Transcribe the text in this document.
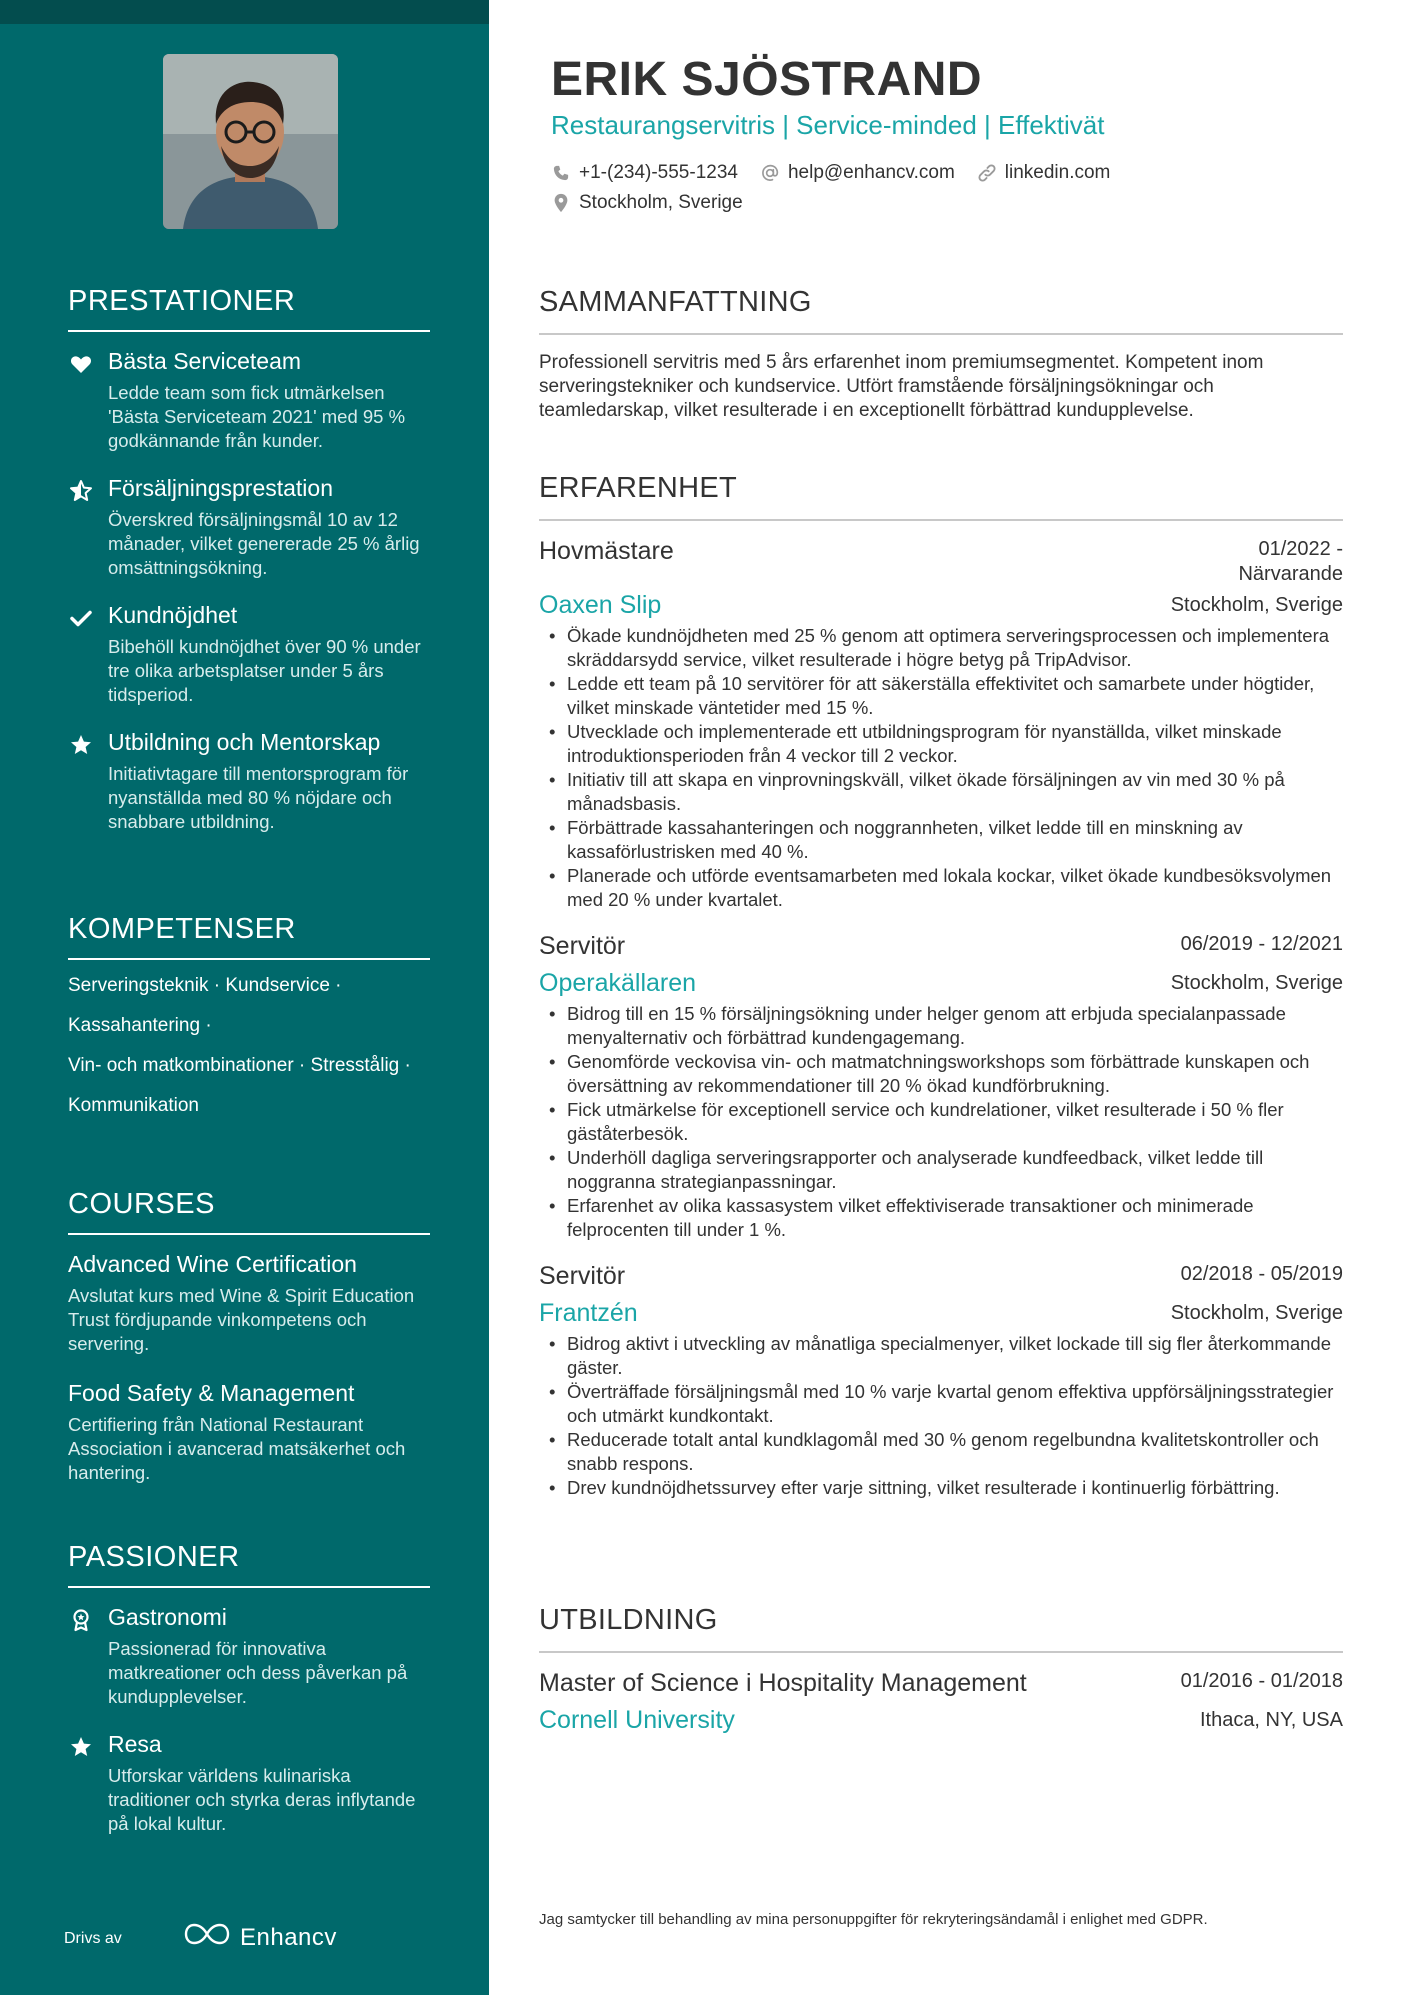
PRESTATIONER
Bästa Serviceteam
Ledde team som fick utmärkelsen 'Bästa Serviceteam 2021' med 95 % godkännande från kunder.
Försäljningsprestation
Överskred försäljningsmål 10 av 12 månader, vilket genererade 25 % årlig omsättningsökning.
Kundnöjdhet
Bibehöll kundnöjdhet över 90 % under tre olika arbetsplatser under 5 års tidsperiod.
Utbildning och Mentorskap
Initiativtagare till mentorsprogram för nyanställda med 80 % nöjdare och snabbare utbildning.
KOMPETENSER
Serveringsteknik · Kundservice ·
Kassahantering ·
Vin- och matkombinationer · Stresstålig ·
Kommunikation
COURSES
Advanced Wine Certification
Avslutat kurs med Wine & Spirit Education Trust fördjupande vinkompetens och servering.
Food Safety & Management
Certifiering från National Restaurant Association i avancerad matsäkerhet och hantering.
PASSIONER
Gastronomi
Passionerad för innovativa matkreationer och dess påverkan på kundupplevelser.
Resa
Utforskar världens kulinariska traditioner och styrka deras inflytande på lokal kultur.
Drivs av	Enhancv
ERIK SJÖSTRAND
Restaurangservitris | Service-minded | Effektivät
+1-(234)-555-1234	help@enhancv.com	linkedin.com
Stockholm, Sverige
SAMMANFATTNING
Professionell servitris med 5 års erfarenhet inom premiumsegmentet. Kompetent inom serveringstekniker och kundservice. Utfört framstående försäljningsökningar och teamledarskap, vilket resulterade i en exceptionellt förbättrad kundupplevelse.
ERFARENHET
Hovmästare	01/2022 -
Närvarande
Oaxen Slip	Stockholm, Sverige
• Ökade kundnöjdheten med 25 % genom att optimera serveringsprocessen och implementera skräddarsydd service, vilket resulterade i högre betyg på TripAdvisor.
• Ledde ett team på 10 servitörer för att säkerställa effektivitet och samarbete under högtider, vilket minskade väntetider med 15 %.
• Utvecklade och implementerade ett utbildningsprogram för nyanställda, vilket minskade introduktionsperioden från 4 veckor till 2 veckor.
• Initiativ till att skapa en vinprovningskväll, vilket ökade försäljningen av vin med 30 % på månadsbasis.
• Förbättrade kassahanteringen och noggrannheten, vilket ledde till en minskning av kassaförlustrisken med 40 %.
• Planerade och utförde eventsamarbeten med lokala kockar, vilket ökade kundbesöksvolymen med 20 % under kvartalet.
Servitör	06/2019 - 12/2021
Operakällaren	Stockholm, Sverige
• Bidrog till en 15 % försäljningsökning under helger genom att erbjuda specialanpassade menyalternativ och förbättrad kundengagemang.
• Genomförde veckovisa vin- och matmatchningsworkshops som förbättrade kunskapen och översättning av rekommendationer till 20 % ökad kundförbrukning.
• Fick utmärkelse för exceptionell service och kundrelationer, vilket resulterade i 50 % fler gäståterbesök.
• Underhöll dagliga serveringsrapporter och analyserade kundfeedback, vilket ledde till noggranna strategianpassningar.
• Erfarenhet av olika kassasystem vilket effektiviserade transaktioner och minimerade felprocenten till under 1 %.
Servitör	02/2018 - 05/2019
Frantzén	Stockholm, Sverige
• Bidrog aktivt i utveckling av månatliga specialmenyer, vilket lockade till sig fler återkommande gäster.
• Överträffade försäljningsmål med 10 % varje kvartal genom effektiva uppförsäljningsstrategier och utmärkt kundkontakt.
• Reducerade totalt antal kundklagomål med 30 % genom regelbundna kvalitetskontroller och snabb respons.
• Drev kundnöjdhetssurvey efter varje sittning, vilket resulterade i kontinuerlig förbättring.
UTBILDNING
Master of Science i Hospitality Management	01/2016 - 01/2018
Cornell University	Ithaca, NY, USA
Jag samtycker till behandling av mina personuppgifter för rekryteringsändamål i enlighet med GDPR.
